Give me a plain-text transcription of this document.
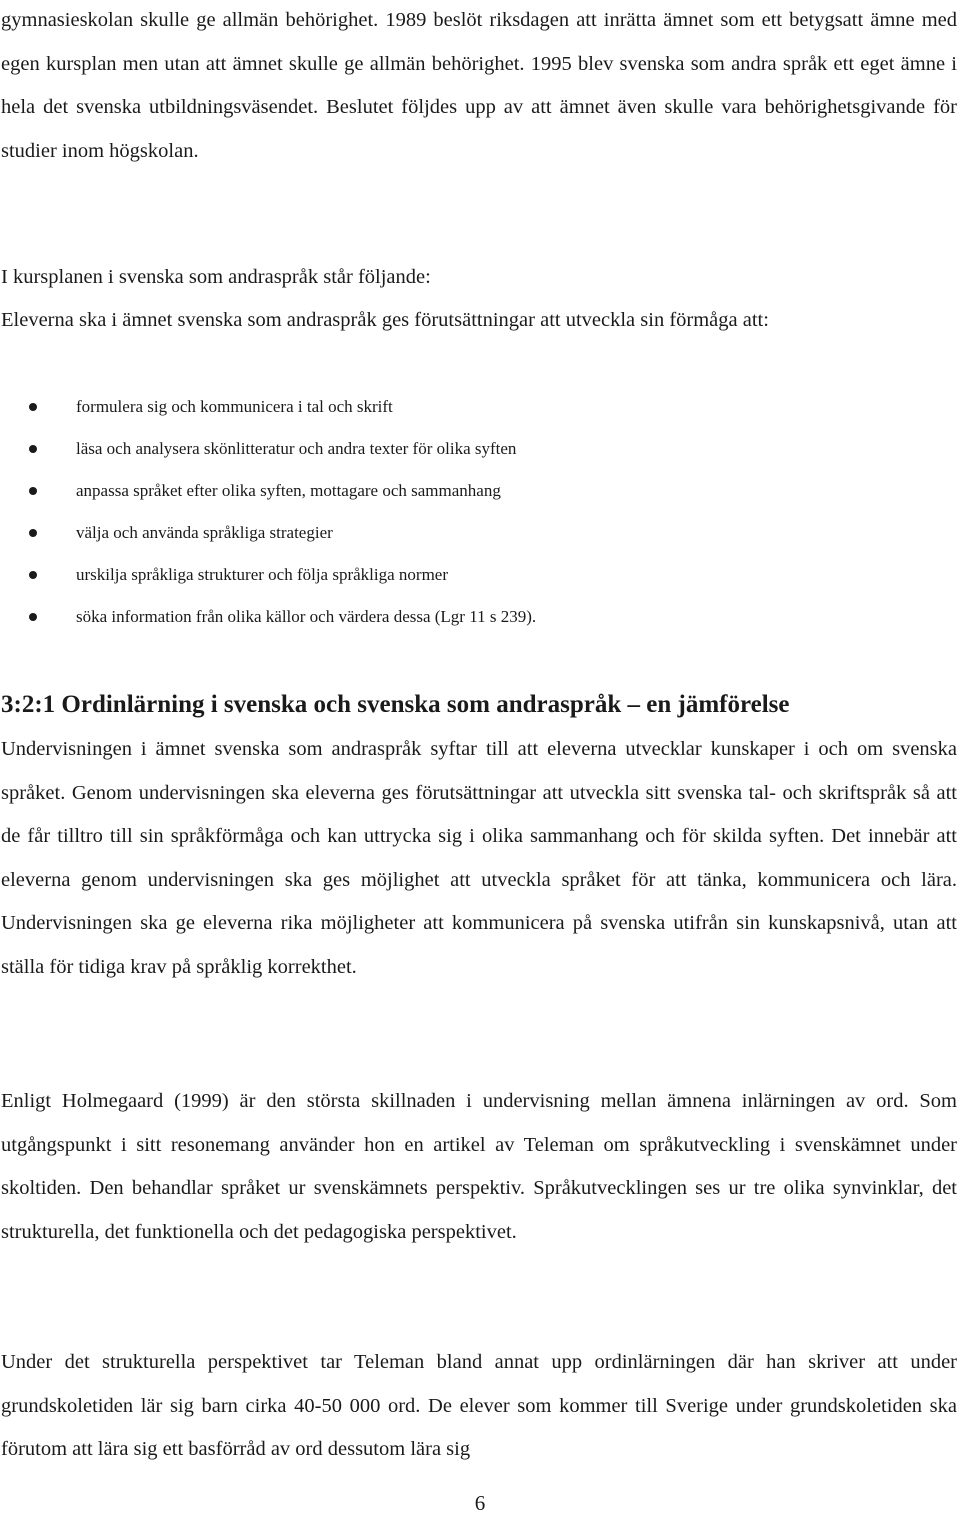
gymnasieskolan skulle ge allmän behörighet. 1989 beslöt riksdagen att inrätta ämnet som ett betygsatt ämne med egen kursplan men utan att ämnet skulle ge allmän behörighet. 1995 blev svenska som andra språk ett eget ämne i hela det svenska utbildningsväsendet. Beslutet följdes upp av att ämnet även skulle vara behörighetsgivande för studier inom högskolan.

I kursplanen i svenska som andraspråk står följande:

Eleverna ska i ämnet svenska som andraspråk ges förutsättningar att utveckla sin förmåga att:

formulera sig och kommunicera i tal och skrift
läsa och analysera skönlitteratur och andra texter för olika syften
anpassa språket efter olika syften, mottagare och sammanhang
välja och använda språkliga strategier
urskilja språkliga strukturer och följa språkliga normer
söka information från olika källor och värdera dessa (Lgr 11 s 239).
3:2:1 Ordinlärning i svenska och svenska som andraspråk – en jämförelse

Undervisningen i ämnet svenska som andraspråk syftar till att eleverna utvecklar kunskaper i och om svenska språket. Genom undervisningen ska eleverna ges förutsättningar att utveckla sitt svenska tal- och skriftspråk så att de får tilltro till sin språkförmåga och kan uttrycka sig i olika sammanhang och för skilda syften. Det innebär att eleverna genom undervisningen ska ges möjlighet att utveckla språket för att tänka, kommunicera och lära. Undervisningen ska ge eleverna rika möjligheter att kommunicera på svenska utifrån sin kunskapsnivå, utan att ställa för tidiga krav på språklig korrekthet.

Enligt Holmegaard (1999) är den största skillnaden i undervisning mellan ämnena inlärningen av ord. Som utgångspunkt i sitt resonemang använder hon en artikel av Teleman om språkutveckling i svenskämnet under skoltiden. Den behandlar språket ur svenskämnets perspektiv. Språkutvecklingen ses ur tre olika synvinklar, det strukturella, det funktionella och det pedagogiska perspektivet.

Under det strukturella perspektivet tar Teleman bland annat upp ordinlärningen där han skriver att under grundskoletiden lär sig barn cirka 40-50 000 ord. De elever som kommer till Sverige under grundskoletiden ska förutom att lära sig ett basförråd av ord dessutom lära sig

6
